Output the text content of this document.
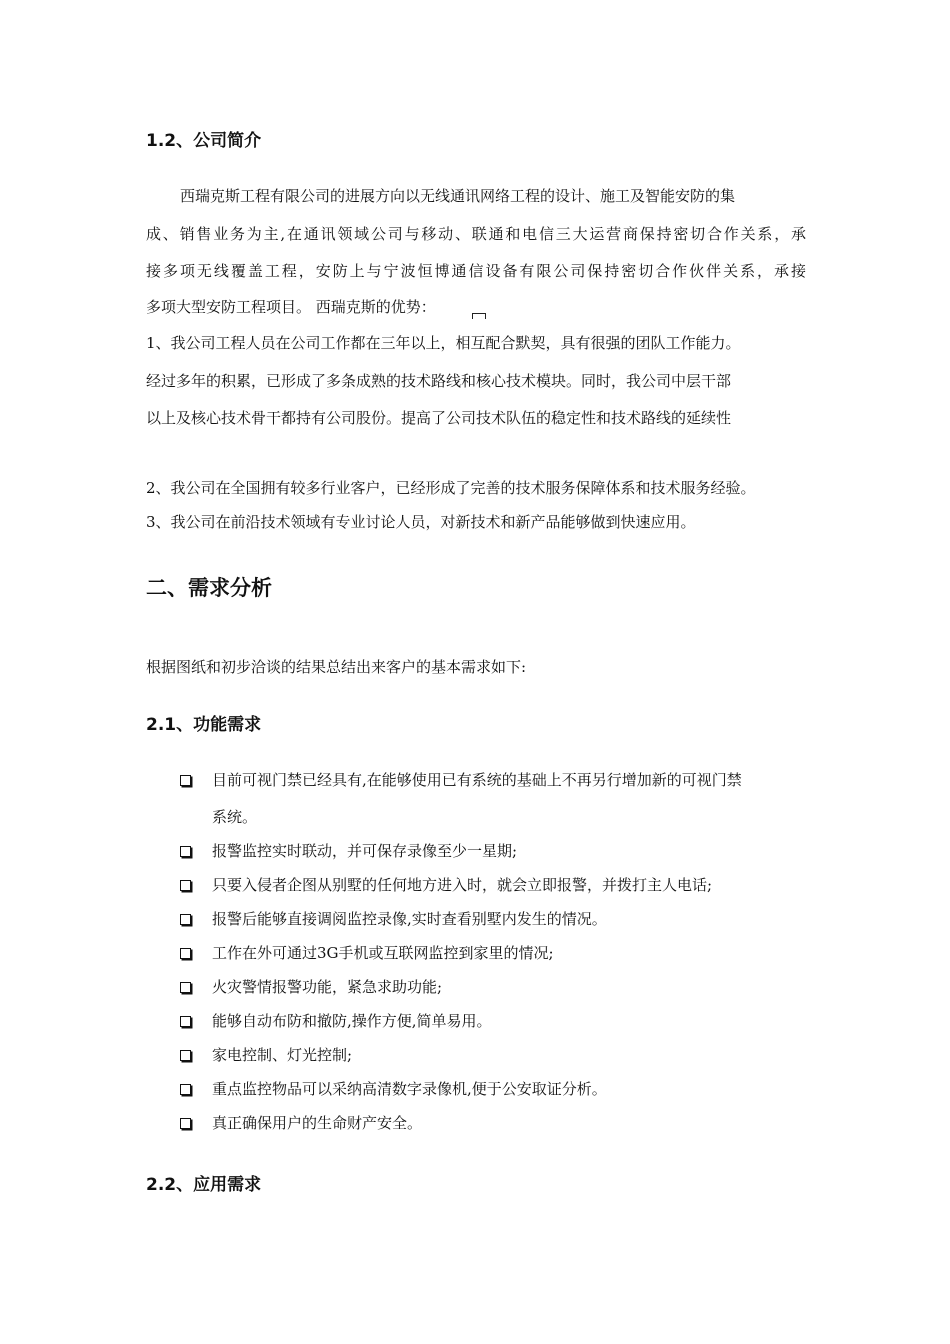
1.2、公司简介
西瑞克斯工程有限公司的进展方向以无线通讯网络工程的设计、施工及智能安防的集
成、销售业务为主,在通讯领域公司与移动、联通和电信三大运营商保持密切合作关系，承
接多项无线覆盖工程，安防上与宁波恒博通信设备有限公司保持密切合作伙伴关系，承接
多项大型安防工程项目。 西瑞克斯的优势：
1、我公司工程人员在公司工作都在三年以上，相互配合默契，具有很强的团队工作能力。
经过多年的积累，已形成了多条成熟的技术路线和核心技术模块。同时，我公司中层干部
以上及核心技术骨干都持有公司股份。提高了公司技术队伍的稳定性和技术路线的延续性
2、我公司在全国拥有较多行业客户，已经形成了完善的技术服务保障体系和技术服务经验。
3、我公司在前沿技术领域有专业讨论人员，对新技术和新产品能够做到快速应用。
二、需求分析
根据图纸和初步洽谈的结果总结出来客户的基本需求如下:
2.1、功能需求
目前可视门禁已经具有,在能够使用已有系统的基础上不再另行增加新的可视门禁
系统。
报警监控实时联动，并可保存录像至少一星期;
只要入侵者企图从别墅的任何地方进入时，就会立即报警，并拨打主人电话;
报警后能够直接调阅监控录像,实时查看别墅内发生的情况。
工作在外可通过3G手机或互联网监控到家里的情况;
火灾警情报警功能，紧急求助功能;
能够自动布防和撤防,操作方便,简单易用。
家电控制、灯光控制;
重点监控物品可以采纳高清数字录像机,便于公安取证分析。
真正确保用户的生命财产安全。
2.2、应用需求
